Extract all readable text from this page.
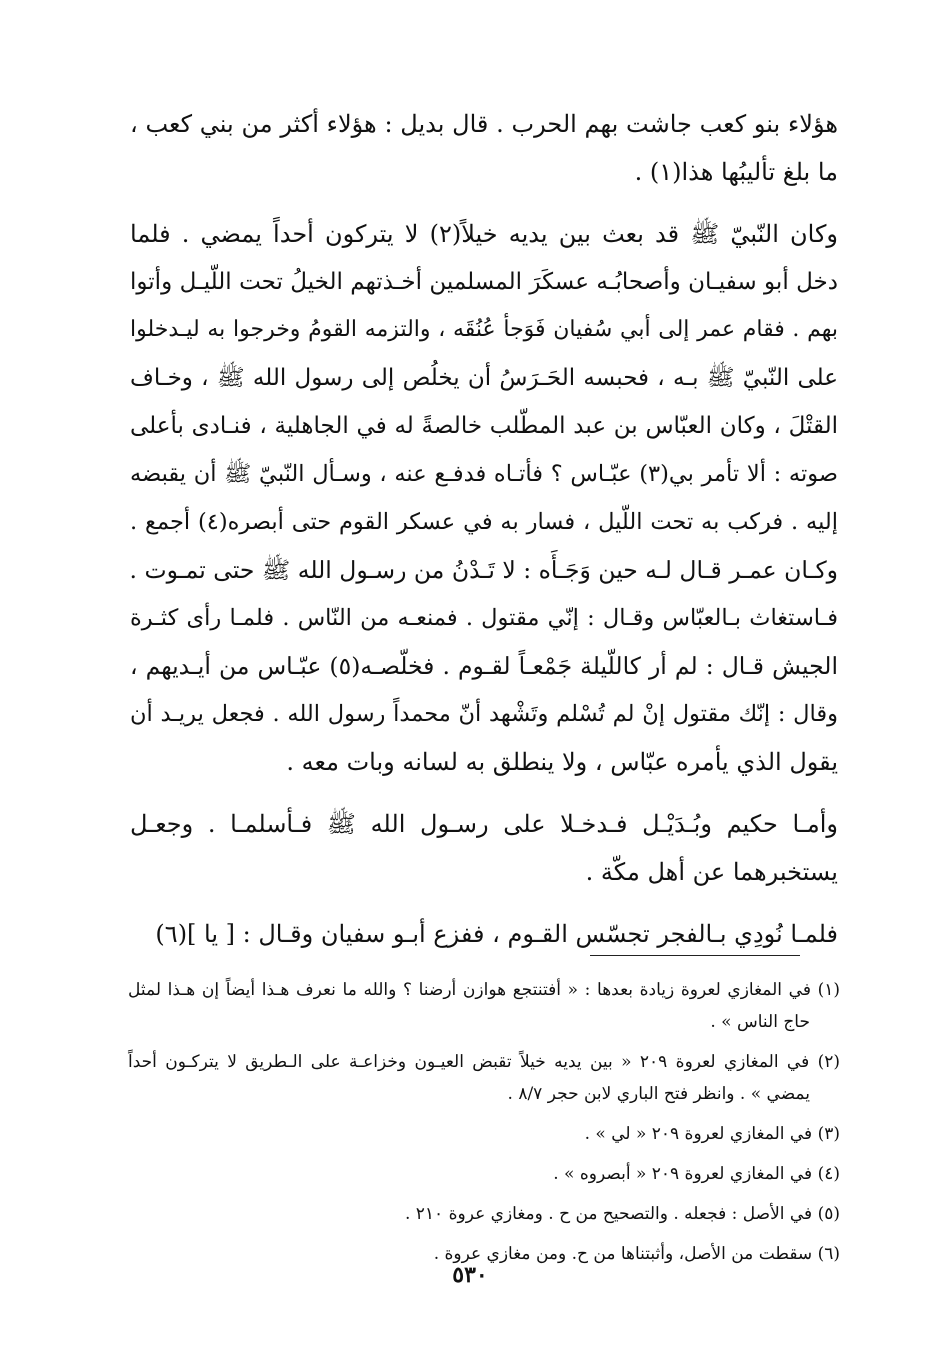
هؤلاء بنو كعب جاشت بهم الحرب . قال بديل : هؤلاء أكثر من بني كعب ،
ما بلغ تأليبُها هذا(١) .
وكان النّبيّ ﷺ قد بعث بين يديه خيلاً(٢) لا يتركون أحداً يمضي . فلما
دخل أبو سفيـان وأصحابُـه عسكَرَ المسلمين أخـذتهم الخيلُ تحت اللّيـل وأتوا
بهم . فقام عمر إلى أبي سُفيان فَوَجأ عُنُقَه ، والتزمه القومُ وخرجوا به ليـدخلوا
على النّبيّ ﷺ بـه ، فحبسه الحَـرَسُ أن يخلُص إلى رسول الله ﷺ ، وخـاف
القتْلَ ، وكان العبّاس بن عبد المطّلب خالصةً له في الجاهلية ، فنـادى بأعلى
صوته : ألا تأمر بي(٣) عبّـاس ؟ فأتـاه فدفـع عنه ، وسـأل النّبيّ ﷺ أن يقبضه
إليه . فركب به تحت اللّيل ، فسار به في عسكر القوم حتى أبصره(٤) أجمع .
وكـان عمـر قـال لـه حين وَجَـأَه : لا تَـدْنُ من رسـول الله ﷺ حتى تمـوت .
فـاستغاث بـالعبّاس وقـال : إنّي مقتول . فمنعـه من النّاس . فلمـا رأى كثـرة
الجيش قـال : لم أر كاللّيلة جَمْعـاً لقـوم . فخلّصـه(٥) عبّـاس من أيـديهم ،
وقال : إنّك مقتول إنْ لم تُسْلم وتَشْهد أنّ محمداً رسول الله . فجعل يريـد أن
يقول الذي يأمره عبّاس ، ولا ينطلق به لسانه وبات معه .
وأمـا حكيم وبُـدَيْـل فـدخـلا على رسـول الله ﷺ فـأسلمـا . وجعـل
يستخبرهما عن أهل مكّة .
فلمـا نُودِي بـالفجر تجسّس القـوم ، ففزع أبـو سفيان وقـال : [ يا ](٦)
(١) في المغازي لعروة زيادة بعدها : « أفتنتجع هوازن أرضنا ؟ والله ما نعرف هـذا أيضاً إن هـذا لمثل
حاج الناس » .
(٢) في المغازي لعروة ٢٠٩ « بين يديه خيلاً تقبض العيـون وخزاعـة على الـطريق لا يتركـون أحداً
يمضي » . وانظر فتح الباري لابن حجر ٨/٧ .
(٣) في المغازي لعروة ٢٠٩ « لي » .
(٤) في المغازي لعروة ٢٠٩ « أبصروه » .
(٥) في الأصل : فجعله . والتصحيح من ح . ومغازي عروة ٢١٠ .
(٦) سقطت من الأصل، وأثبتناها من ح. ومن مغازي عروة .
٥٣٠
